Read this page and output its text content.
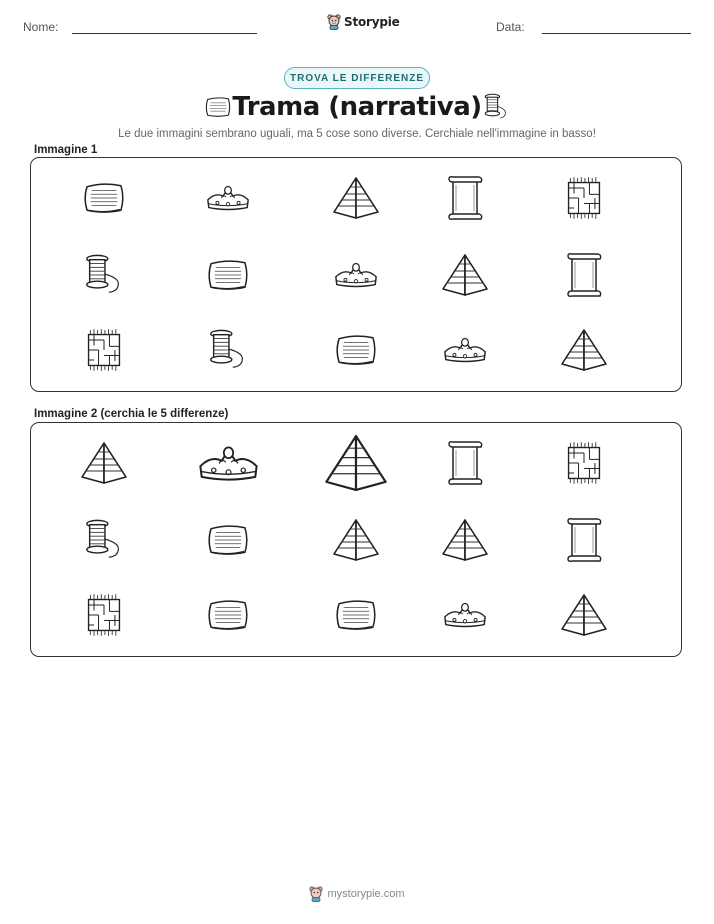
Nome:	Storypie	Data:
TROVA LE DIFFERENZE
Trama (narrativa)
Le due immagini sembrano uguali, ma 5 cose sono diverse. Cerchiale nell'immagine in basso!
Immagine 1
Immagine 2 (cerchia le 5 differenze)
mystorypie.com
